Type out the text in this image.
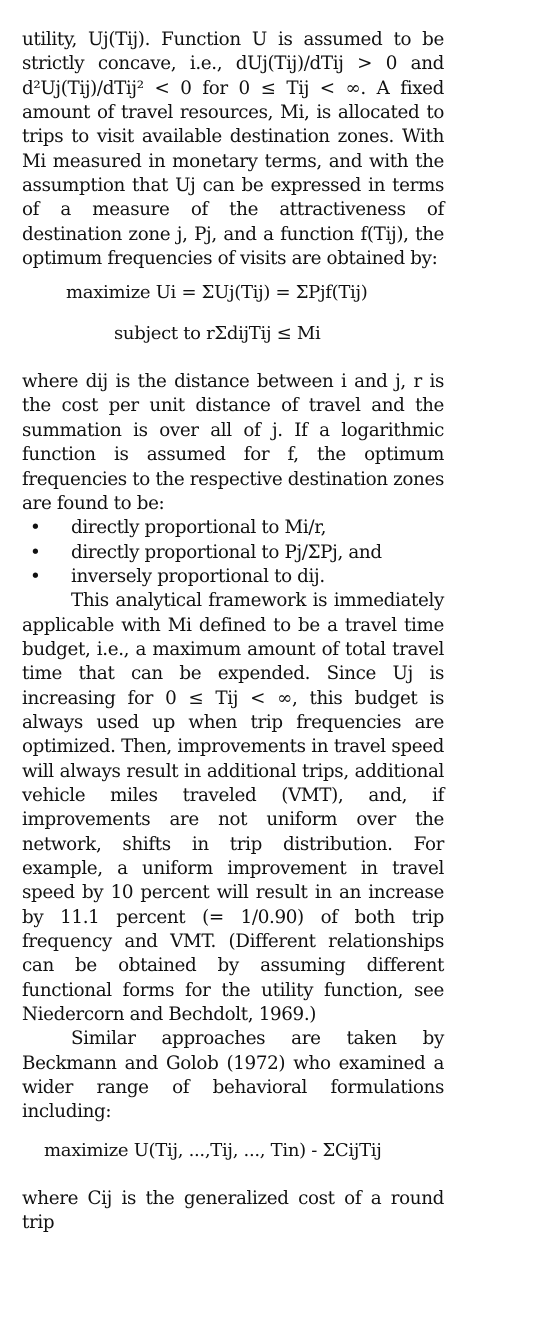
utility, Uj(Tij). Function U is assumed to be strictly concave, i.e., dUj(Tij)/dTij > 0 and d²Uj(Tij)/dTij² < 0 for 0 ≤ Tij < ∞. A fixed amount of travel resources, Mi, is allocated to trips to visit available destination zones. With Mi measured in monetary terms, and with the assumption that Uj can be expressed in terms of a measure of the attractiveness of destination zone j, Pj, and a function f(Tij), the optimum frequencies of visits are obtained by:

maximize Ui = ΣUj(Tij) = ΣPjf(Tij)

subject to rΣdijTij ≤ Mi

where dij is the distance between i and j, r is the cost per unit distance of travel and the summation is over all of j. If a logarithmic function is assumed for f, the optimum frequencies to the respective destination zones are found to be:

• directly proportional to Mi/r,
• directly proportional to Pj/ΣPj, and
• inversely proportional to dij.

This analytical framework is immediately applicable with Mi defined to be a travel time budget, i.e., a maximum amount of total travel time that can be expended. Since Uj is increasing for 0 ≤ Tij < ∞, this budget is always used up when trip frequencies are optimized. Then, improvements in travel speed will always result in additional trips, additional vehicle miles traveled (VMT), and, if improvements are not uniform over the network, shifts in trip distribution. For example, a uniform improvement in travel speed by 10 percent will result in an increase by 11.1 percent (= 1/0.90) of both trip frequency and VMT. (Different relationships can be obtained by assuming different functional forms for the utility function, see Niedercorn and Bechdolt, 1969.)

Similar approaches are taken by Beckmann and Golob (1972) who examined a wider range of behavioral formulations including:

maximize U(Tij, ...,Tij, ..., Tin) - ΣCijTij

where Cij is the generalized cost of a round trip
